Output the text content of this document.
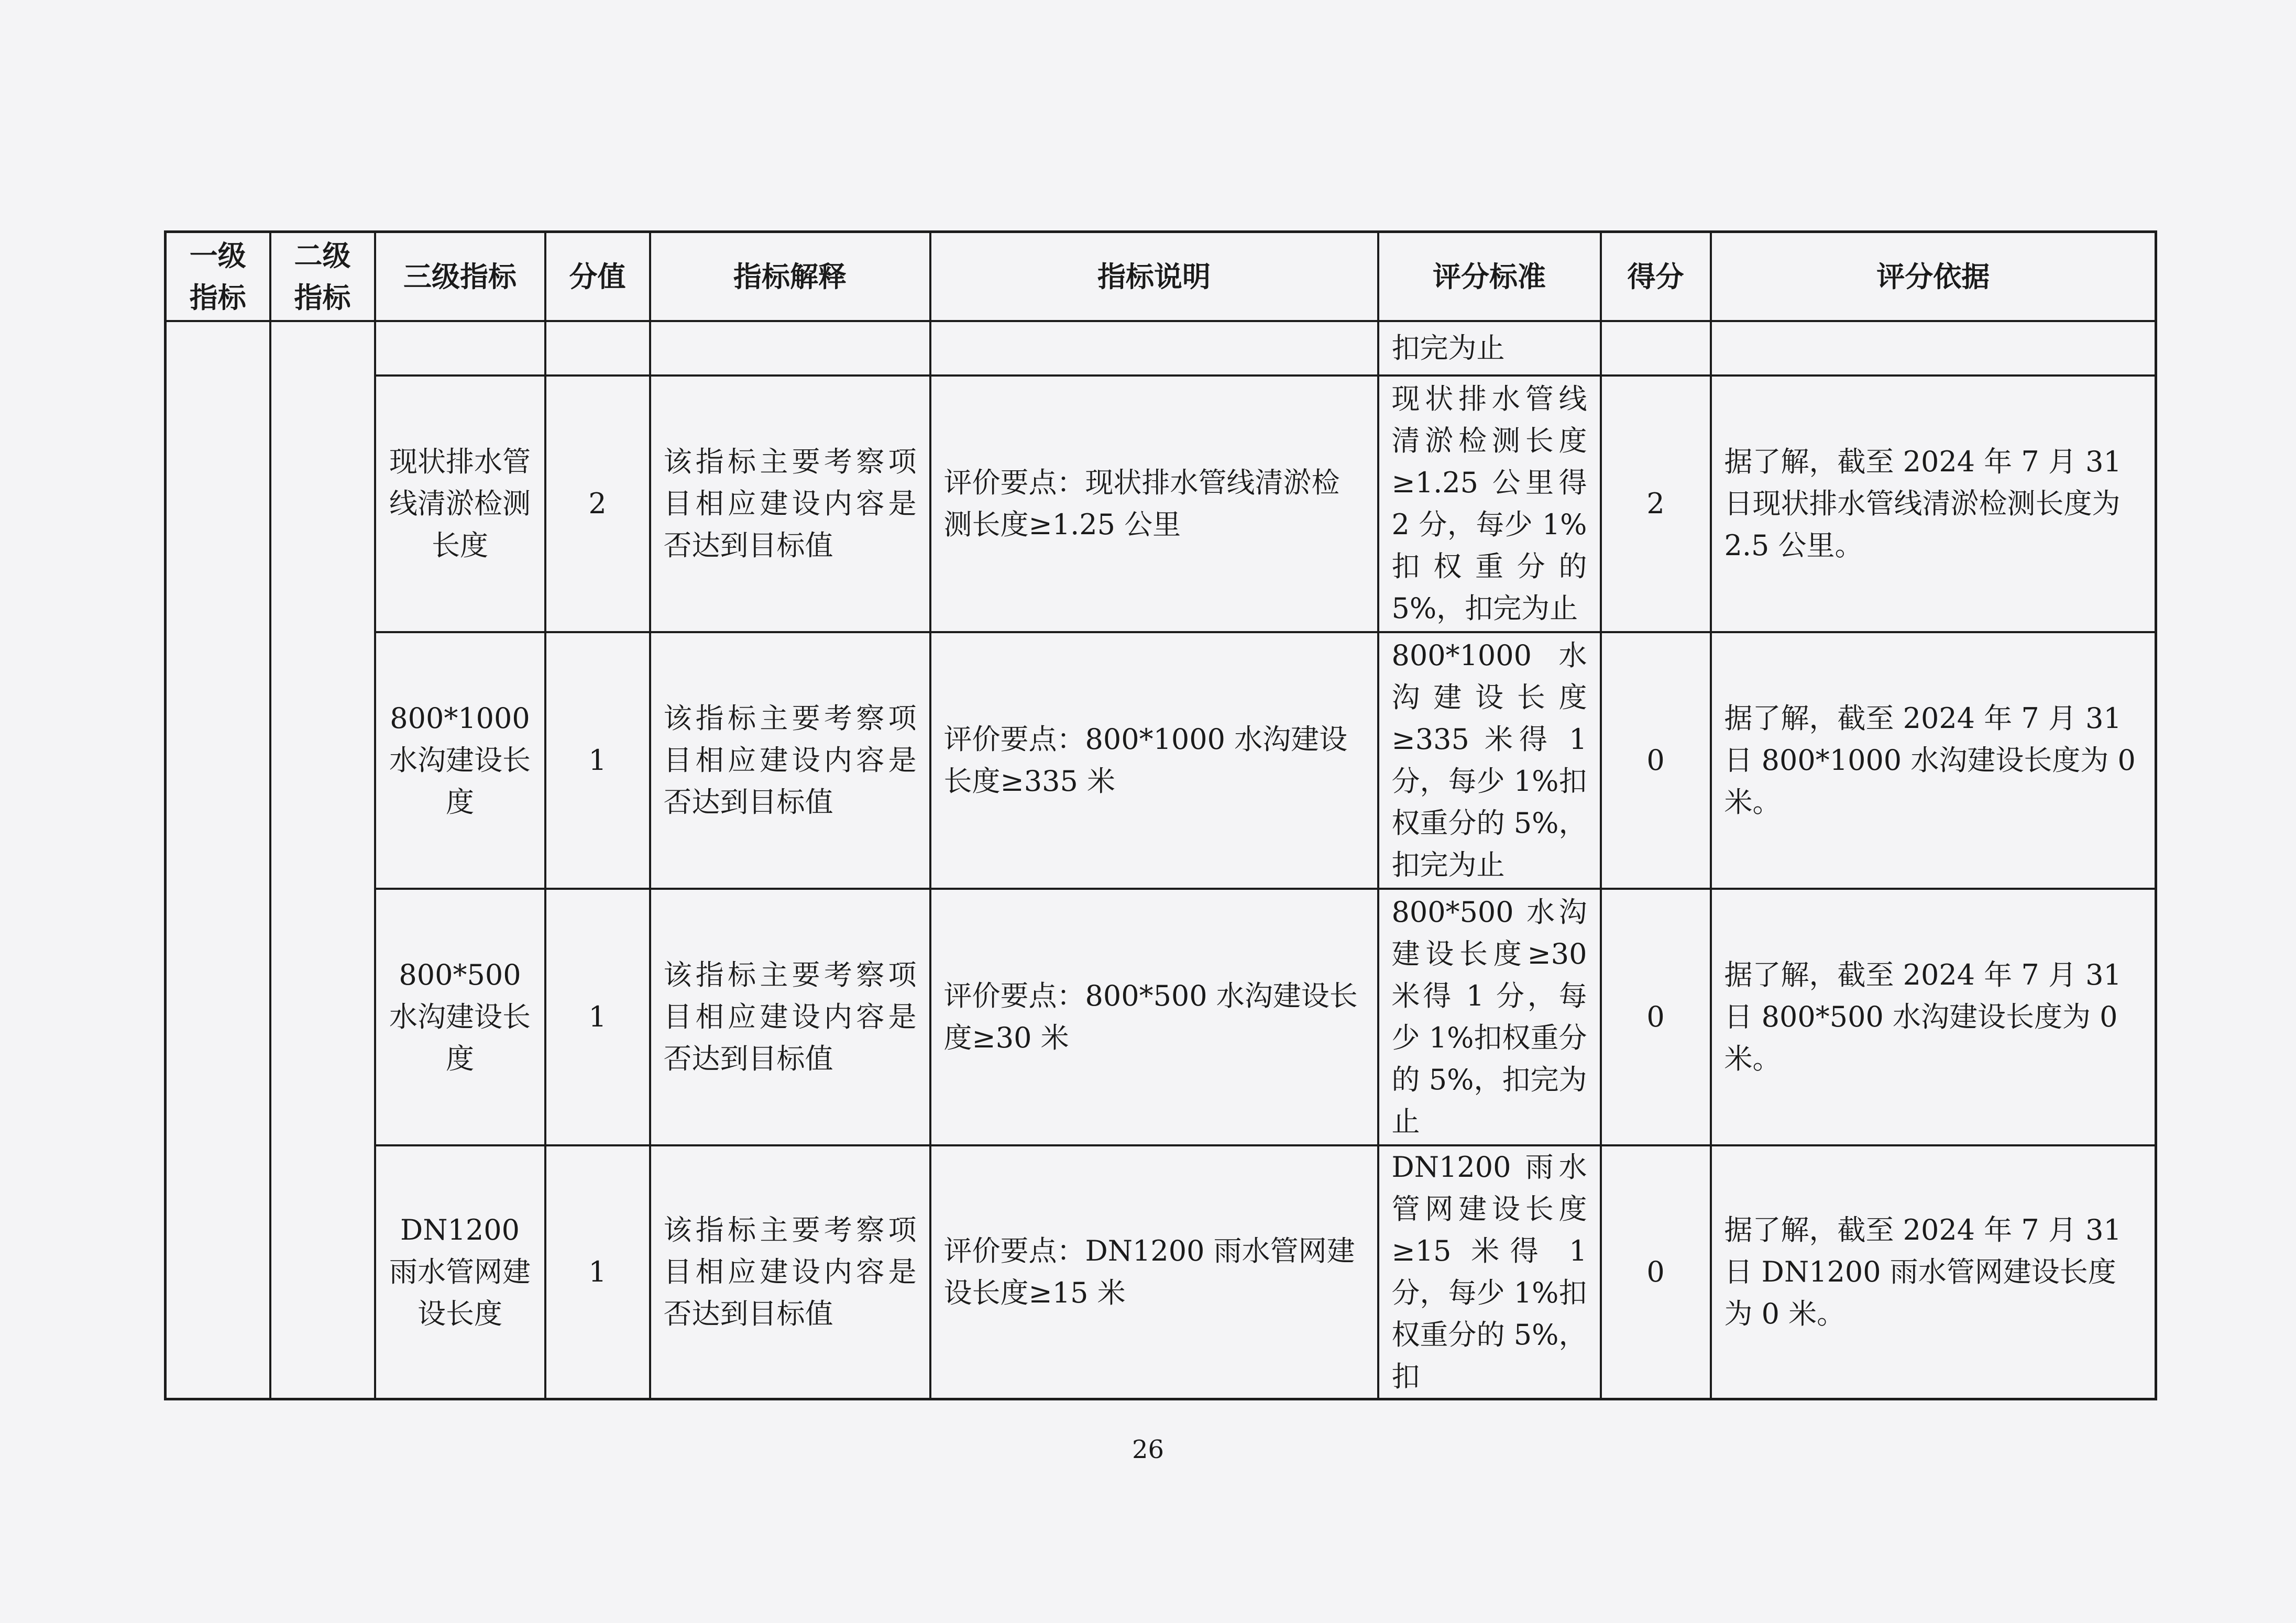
一级指标	二级指标	三级指标	分值	指标解释	指标说明	评分标准	得分	评分依据
						扣完为止		
		现状排水管线清淤检测长度	2	该指标主要考察项目相应建设内容是否达到目标值	评价要点：现状排水管线清淤检测长度≥1.25 公里	现状排水管线清淤检测长度≥1.25 公里得 2 分，每少 1%扣权重分的 5%，扣完为止	2	据了解，截至 2024 年 7 月 31 日现状排水管线清淤检测长度为 2.5 公里。
		800*1000 水沟建设长度	1	该指标主要考察项目相应建设内容是否达到目标值	评价要点：800*1000 水沟建设长度≥335 米	800*1000 水沟建设长度≥335 米得 1 分，每少 1%扣权重分的 5%，扣完为止	0	据了解，截至 2024 年 7 月 31 日 800*1000 水沟建设长度为 0 米。
		800*500 水沟建设长度	1	该指标主要考察项目相应建设内容是否达到目标值	评价要点：800*500 水沟建设长度≥30 米	800*500 水沟建设长度≥30 米得 1 分，每少 1%扣权重分的 5%，扣完为止	0	据了解，截至 2024 年 7 月 31 日 800*500 水沟建设长度为 0 米。
		DN1200 雨水管网建设长度	1	该指标主要考察项目相应建设内容是否达到目标值	评价要点：DN1200 雨水管网建设长度≥15 米	DN1200 雨水管网建设长度≥15 米得 1 分，每少 1%扣权重分的 5%，扣	0	据了解，截至 2024 年 7 月 31 日 DN1200 雨水管网建设长度为 0 米。
26
